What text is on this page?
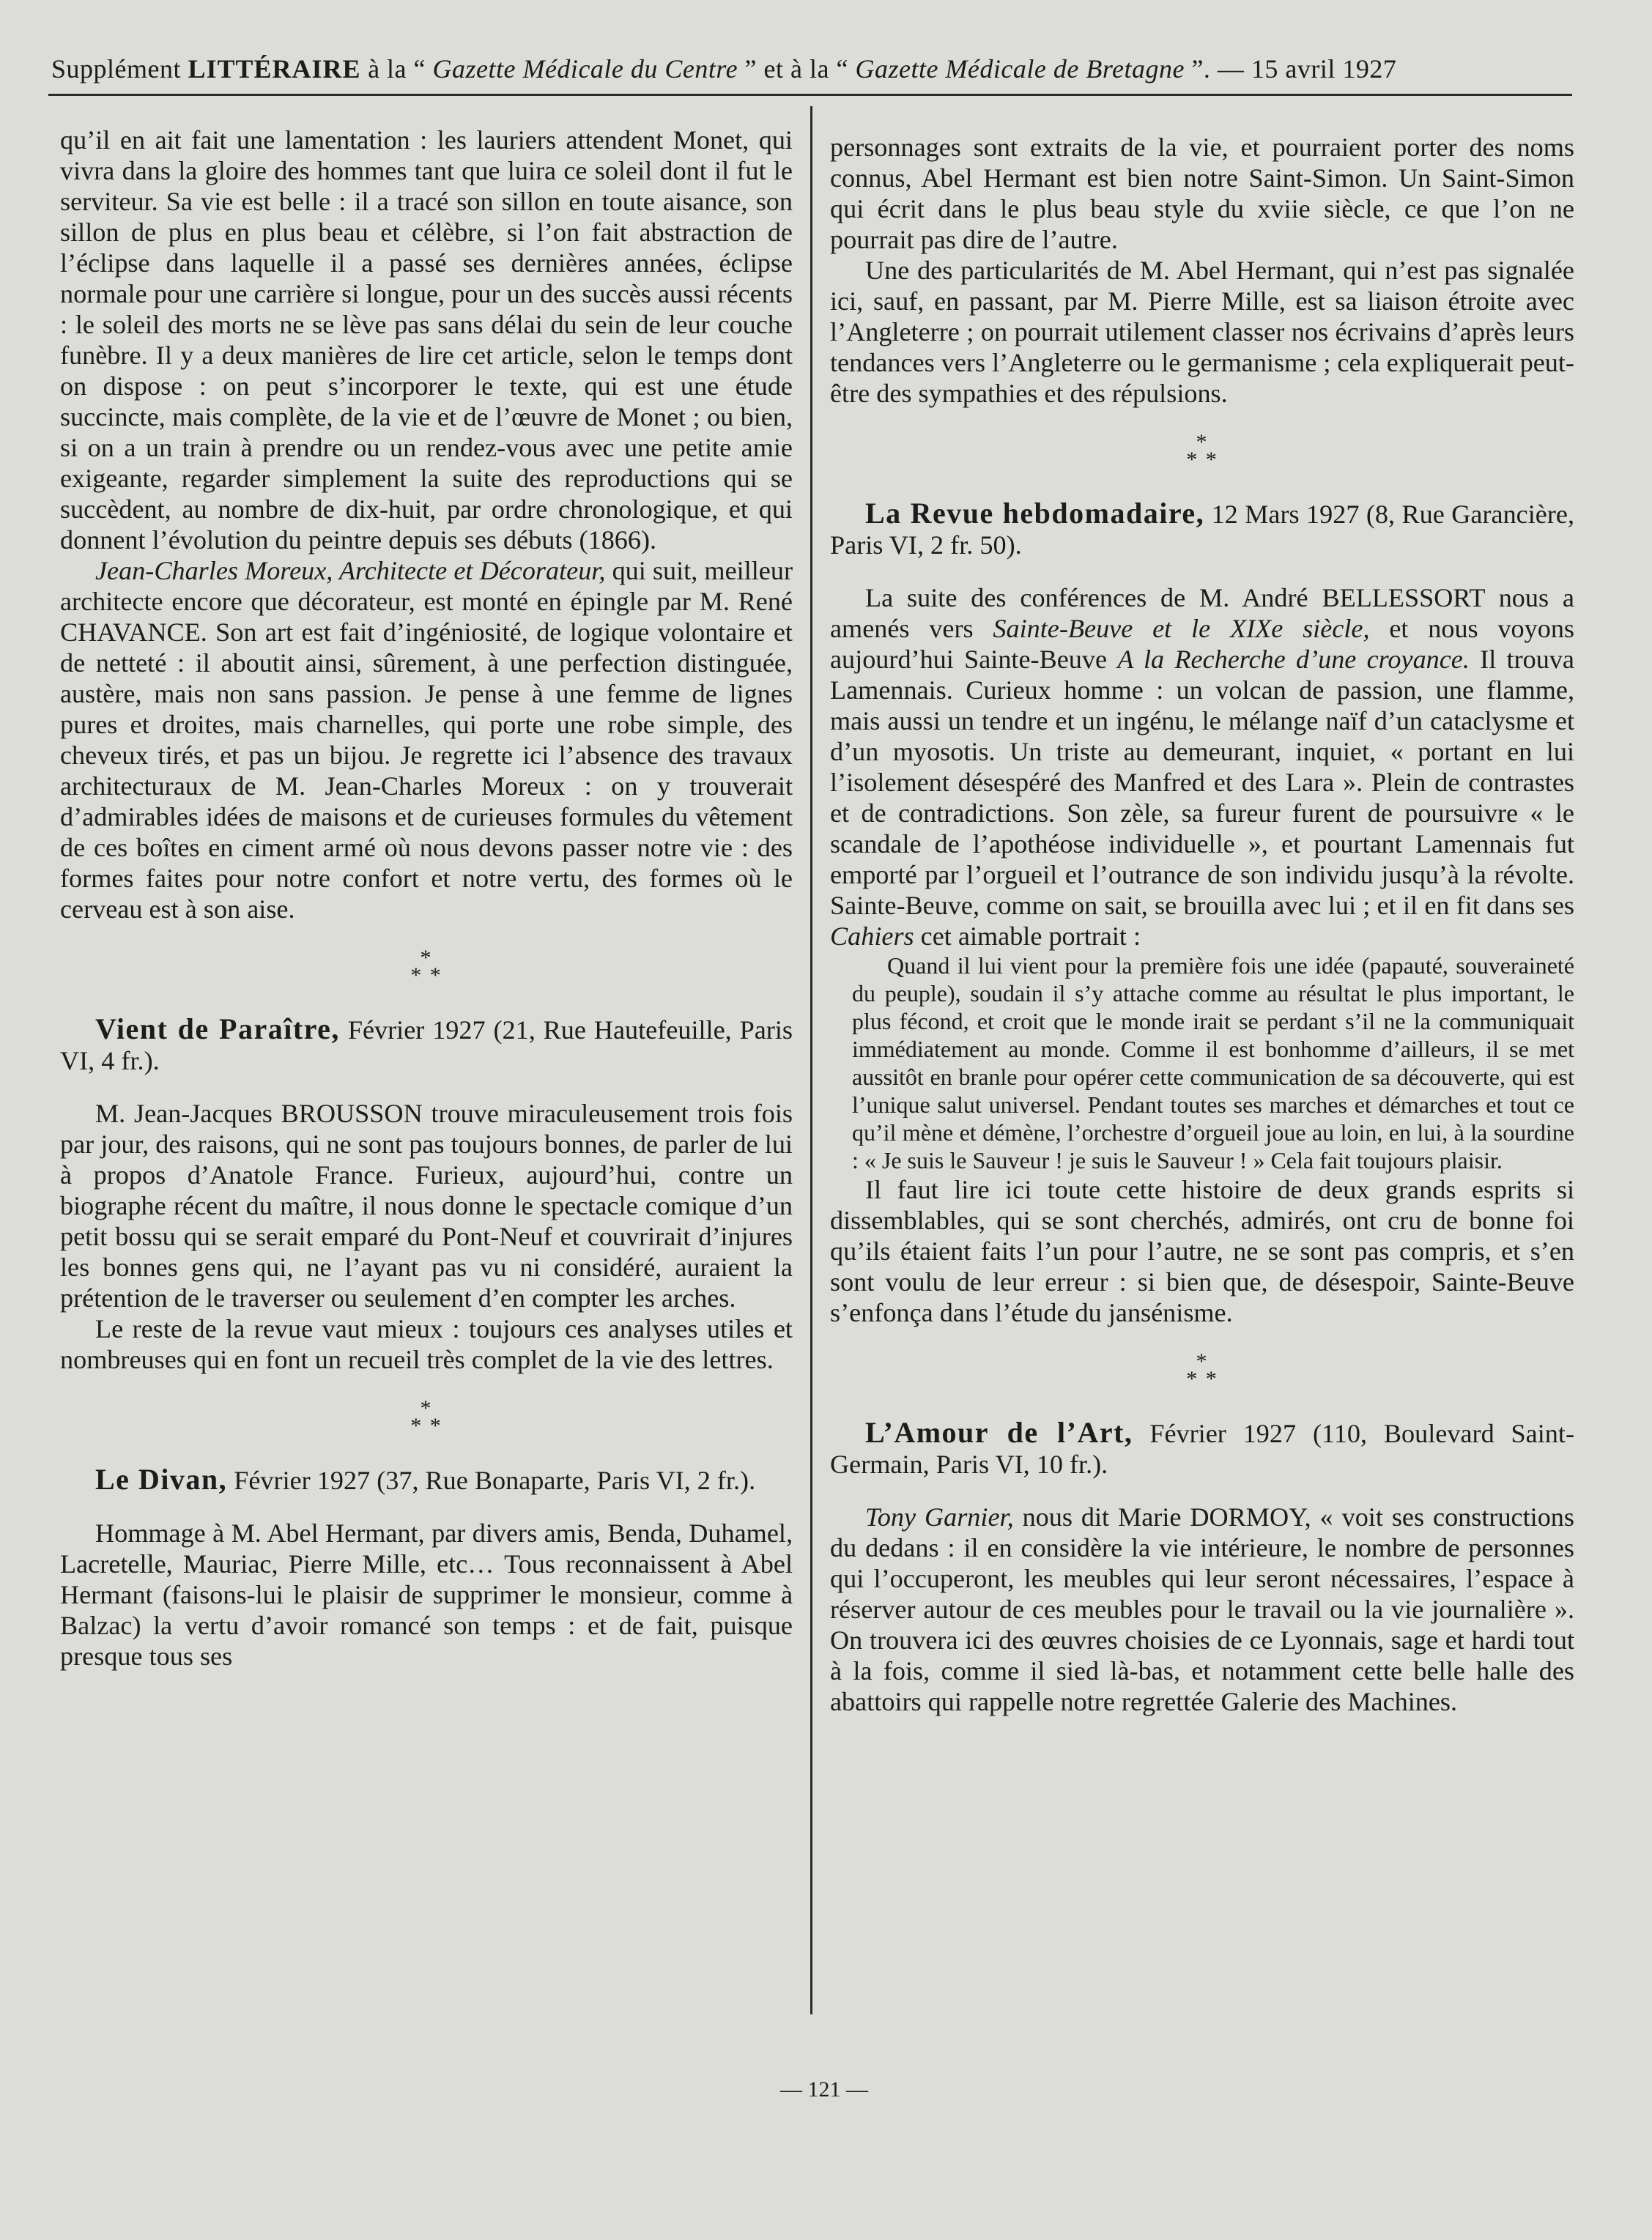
Supplément LITTÉRAIRE à la “ Gazette Médicale du Centre ” et à la “ Gazette Médicale de Bretagne ”. — 15 avril 1927

qu’il en ait fait une lamentation : les lauriers attendent Monet, qui vivra dans la gloire des hommes tant que luira ce soleil dont il fut le serviteur. Sa vie est belle : il a tracé son sillon en toute aisance, son sillon de plus en plus beau et célèbre, si l’on fait abstraction de l’éclipse dans laquelle il a passé ses dernières années, éclipse normale pour une carrière si longue, pour un des succès aussi récents : le soleil des morts ne se lève pas sans délai du sein de leur couche funèbre. Il y a deux manières de lire cet article, selon le temps dont on dispose : on peut s’incorporer le texte, qui est une étude succincte, mais complète, de la vie et de l’œuvre de Monet ; ou bien, si on a un train à prendre ou un rendez-vous avec une petite amie exigeante, regarder simplement la suite des reproductions qui se succèdent, au nombre de dix-huit, par ordre chronologique, et qui donnent l’évolution du peintre depuis ses débuts (1866).

Jean-Charles Moreux, Architecte et Décorateur, qui suit, meilleur architecte encore que décorateur, est monté en épingle par M. René CHAVANCE. Son art est fait d’ingéniosité, de logique volontaire et de netteté : il aboutit ainsi, sûrement, à une perfection distinguée, austère, mais non sans passion. Je pense à une femme de lignes pures et droites, mais charnelles, qui porte une robe simple, des cheveux tirés, et pas un bijou. Je regrette ici l’absence des travaux architecturaux de M. Jean-Charles Moreux : on y trouverait d’admirables idées de maisons et de curieuses formules du vêtement de ces boîtes en ciment armé où nous devons passer notre vie : des formes faites pour notre confort et notre vertu, des formes où le cerveau est à son aise.

*
* *

Vient de Paraître, Février 1927 (21, Rue Hautefeuille, Paris VI, 4 fr.).

M. Jean-Jacques BROUSSON trouve miraculeusement trois fois par jour, des raisons, qui ne sont pas toujours bonnes, de parler de lui à propos d’Anatole France. Furieux, aujourd’hui, contre un biographe récent du maître, il nous donne le spectacle comique d’un petit bossu qui se serait emparé du Pont-Neuf et couvrirait d’injures les bonnes gens qui, ne l’ayant pas vu ni considéré, auraient la prétention de le traverser ou seulement d’en compter les arches.

Le reste de la revue vaut mieux : toujours ces analyses utiles et nombreuses qui en font un recueil très complet de la vie des lettres.

*
* *

Le Divan, Février 1927 (37, Rue Bonaparte, Paris VI, 2 fr.).

Hommage à M. Abel Hermant, par divers amis, Benda, Duhamel, Lacretelle, Mauriac, Pierre Mille, etc… Tous reconnaissent à Abel Hermant (faisons-lui le plaisir de supprimer le monsieur, comme à Balzac) la vertu d’avoir romancé son temps : et de fait, puisque presque tous ses

personnages sont extraits de la vie, et pourraient porter des noms connus, Abel Hermant est bien notre Saint-Simon. Un Saint-Simon qui écrit dans le plus beau style du xviie siècle, ce que l’on ne pourrait pas dire de l’autre.

Une des particularités de M. Abel Hermant, qui n’est pas signalée ici, sauf, en passant, par M. Pierre Mille, est sa liaison étroite avec l’Angleterre ; on pourrait utilement classer nos écrivains d’après leurs tendances vers l’Angleterre ou le germanisme ; cela expliquerait peut-être des sympathies et des répulsions.

*
* *

La Revue hebdomadaire, 12 Mars 1927 (8, Rue Garancière, Paris VI, 2 fr. 50).

La suite des conférences de M. André BELLESSORT nous a amenés vers Sainte-Beuve et le XIXe siècle, et nous voyons aujourd’hui Sainte-Beuve A la Recherche d’une croyance. Il trouva Lamennais. Curieux homme : un volcan de passion, une flamme, mais aussi un tendre et un ingénu, le mélange naïf d’un cataclysme et d’un myosotis. Un triste au demeurant, inquiet, « portant en lui l’isolement désespéré des Manfred et des Lara ». Plein de contrastes et de contradictions. Son zèle, sa fureur furent de poursuivre « le scandale de l’apothéose individuelle », et pourtant Lamennais fut emporté par l’orgueil et l’outrance de son individu jusqu’à la révolte. Sainte-Beuve, comme on sait, se brouilla avec lui ; et il en fit dans ses Cahiers cet aimable portrait :

Quand il lui vient pour la première fois une idée (papauté, souveraineté du peuple), soudain il s’y attache comme au résultat le plus important, le plus fécond, et croit que le monde irait se perdant s’il ne la communiquait immédiatement au monde. Comme il est bonhomme d’ailleurs, il se met aussitôt en branle pour opérer cette communication de sa découverte, qui est l’unique salut universel. Pendant toutes ses marches et démarches et tout ce qu’il mène et démène, l’orchestre d’orgueil joue au loin, en lui, à la sourdine : « Je suis le Sauveur ! je suis le Sauveur ! » Cela fait toujours plaisir.

Il faut lire ici toute cette histoire de deux grands esprits si dissemblables, qui se sont cherchés, admirés, ont cru de bonne foi qu’ils étaient faits l’un pour l’autre, ne se sont pas compris, et s’en sont voulu de leur erreur : si bien que, de désespoir, Sainte-Beuve s’enfonça dans l’étude du jansénisme.

*
* *

L’Amour de l’Art, Février 1927 (110, Boulevard Saint-Germain, Paris VI, 10 fr.).

Tony Garnier, nous dit Marie DORMOY, « voit ses constructions du dedans : il en considère la vie intérieure, le nombre de personnes qui l’occuperont, les meubles qui leur seront nécessaires, l’espace à réserver autour de ces meubles pour le travail ou la vie journalière ». On trouvera ici des œuvres choisies de ce Lyonnais, sage et hardi tout à la fois, comme il sied là-bas, et notamment cette belle halle des abattoirs qui rappelle notre regrettée Galerie des Machines.

— 121 —
